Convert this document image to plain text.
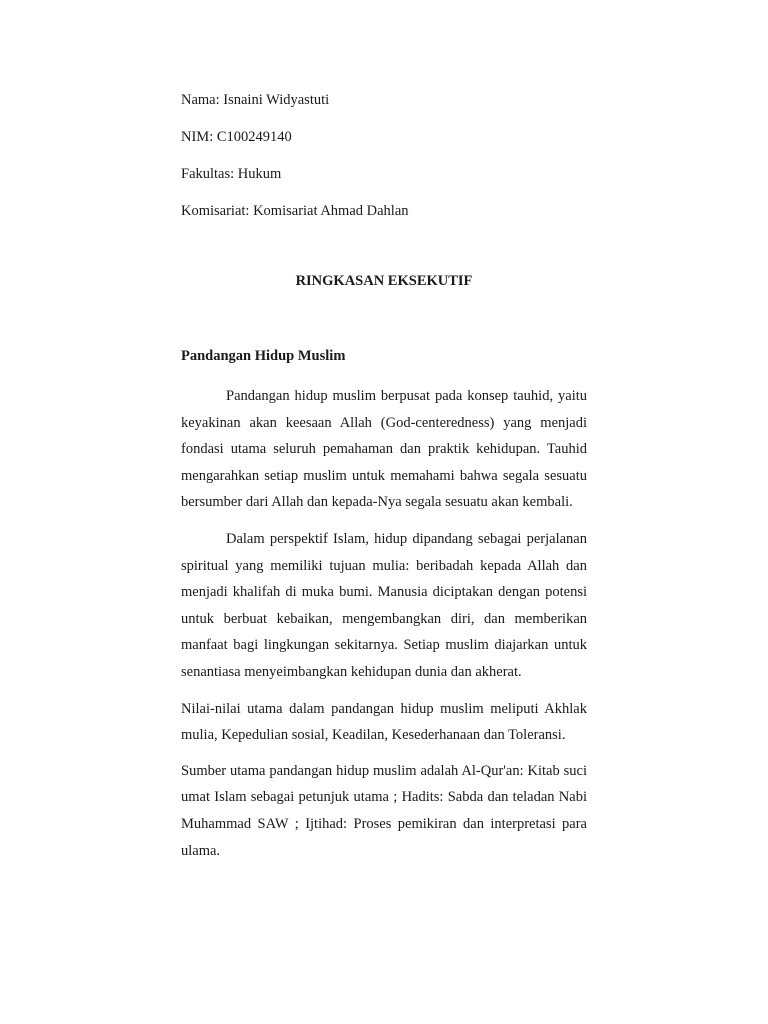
Nama: Isnaini Widyastuti
NIM: C100249140
Fakultas: Hukum
Komisariat: Komisariat Ahmad Dahlan
RINGKASAN EKSEKUTIF
Pandangan Hidup Muslim

Pandangan hidup muslim berpusat pada konsep tauhid, yaitu keyakinan akan keesaan Allah (God-centeredness) yang menjadi fondasi utama seluruh pemahaman dan praktik kehidupan. Tauhid mengarahkan setiap muslim untuk memahami bahwa segala sesuatu bersumber dari Allah dan kepada-Nya segala sesuatu akan kembali.

Dalam perspektif Islam, hidup dipandang sebagai perjalanan spiritual yang memiliki tujuan mulia: beribadah kepada Allah dan menjadi khalifah di muka bumi. Manusia diciptakan dengan potensi untuk berbuat kebaikan, mengembangkan diri, dan memberikan manfaat bagi lingkungan sekitarnya. Setiap muslim diajarkan untuk senantiasa menyeimbangkan kehidupan dunia dan akherat.

Nilai-nilai utama dalam pandangan hidup muslim meliputi Akhlak mulia, Kepedulian sosial, Keadilan, Kesederhanaan dan Toleransi.

Sumber utama pandangan hidup muslim adalah Al-Qur'an: Kitab suci umat Islam sebagai petunjuk utama ; Hadits: Sabda dan teladan Nabi Muhammad SAW ; Ijtihad: Proses pemikiran dan interpretasi para ulama.
